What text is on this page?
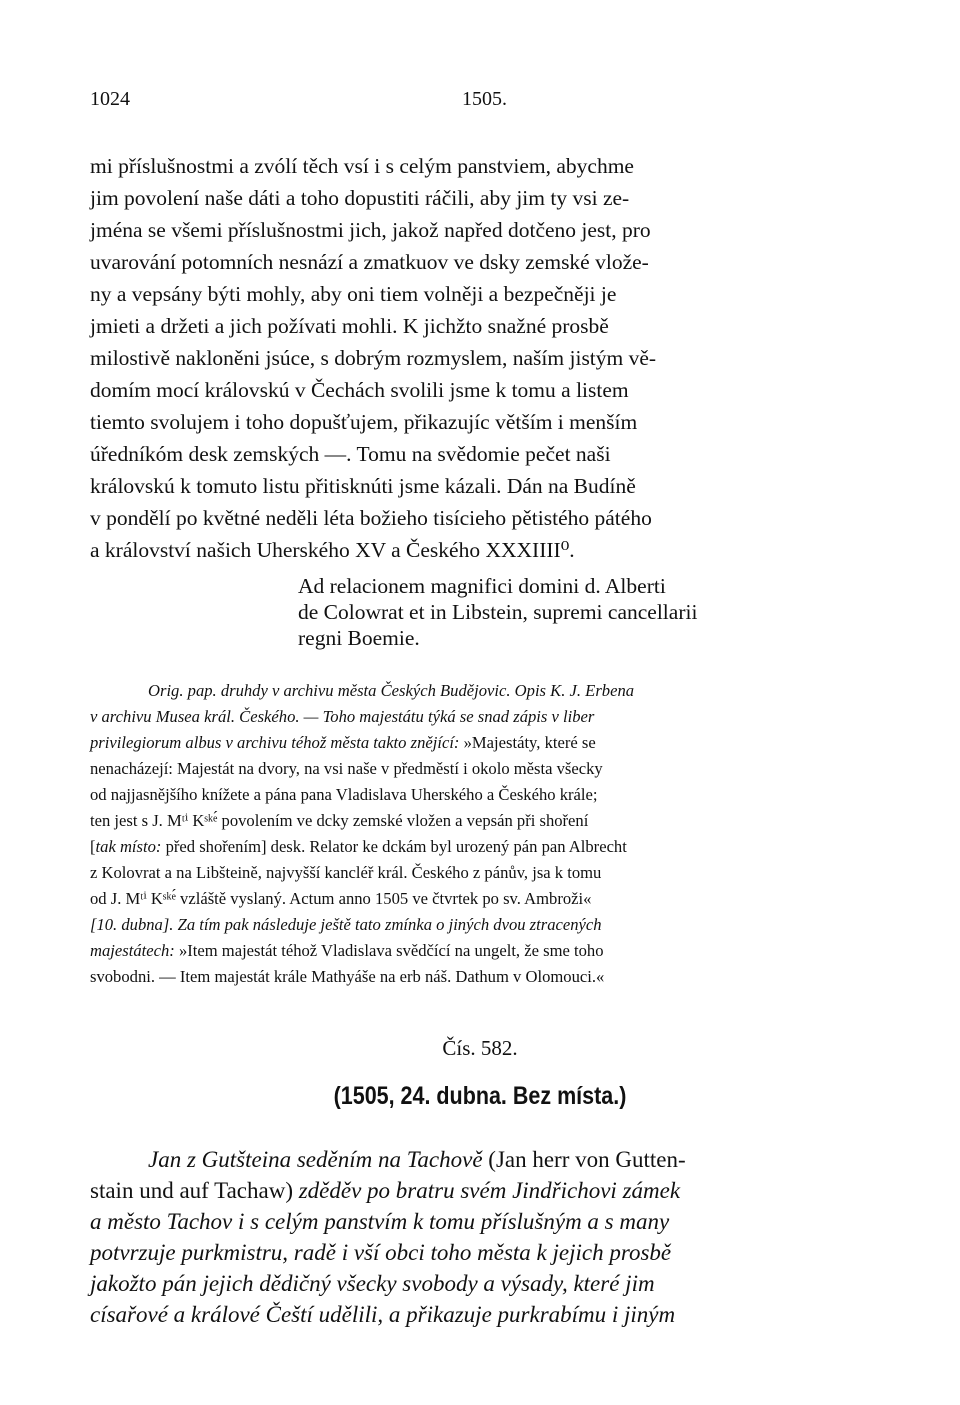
1024	1505.
mi příslušnostmi a zvólí těch vsí i s celým panstviem, abychme
jim povolení naše dáti a toho dopustiti ráčili, aby jim ty vsi ze-
jména se všemi příslušnostmi jich, jakož napřed dotčeno jest, pro
uvarování potomních nesnází a zmatkuov ve dsky zemské vlože-
ny a vepsány býti mohly, aby oni tiem volněji a bezpečněji je
jmieti a držeti a jich požívati mohli. K jichžto snažné prosbě
milostivě nakloněni jsúce, s dobrým rozmyslem, naším jistým vě-
domím mocí královskú v Čechách svolili jsme k tomu a listem
tiemto svolujem i toho dopušťujem, přikazujíc větším i menším
úředníkóm desk zemských —. Tomu na svědomie pečet naši
královskú k tomuto listu přitisknúti jsme kázali. Dán na Budíně
v pondělí po květné neděli léta božieho tisícieho pětistého pátého
a království našich Uherského XV a Českého XXXIIII⁰.
Ad relacionem magnifici domini d. Alberti
de Colowrat et in Libstein, supremi cancellarii
regni Boemie.
Orig. pap. druhdy v archivu města Českých Budějovic. Opis K. J. Erbena
v archivu Musea král. Českého. — Toho majestátu týká se snad zápis v liber
privilegiorum albus v archivu téhož města takto znějící: »Majestáty, které se
nenacházejí: Majestát na dvory, na vsi naše v předměstí i okolo města všecky
od najjasnějšího knížete a pána pana Vladislava Uherského a Českého krále;
ten jest s J. Mᵗⁱ Kˢᵏᵉ́ povolením ve dcky zemské vložen a vepsán při shoření
[tak místo: před shořením] desk. Relator ke dckám byl urozený pán pan Albrecht
z Kolovrat a na Libšteině, najvyšší kancléř král. Českého z pánův, jsa k tomu
od J. Mᵗⁱ Kˢᵏᵉ́ vzláště vyslaný. Actum anno 1505 ve čtvrtek po sv. Ambroži«
[10. dubna]. Za tím pak následuje ještě tato zmínka o jiných dvou ztracených
majestátech: »Item majestát téhož Vladislava svědčící na ungelt, že sme toho
svobodni. — Item majestát krále Mathyáše na erb náš. Dathum v Olomouci.«
Čís. 582.
(1505, 24. dubna. Bez místa.)
Jan z Gutšteina seděním na Tachově (Jan herr von Gutten-
stain und auf Tachaw) zděděv po bratru svém Jindřichovi zámek
a město Tachov i s celým panstvím k tomu příslušným a s many
potvrzuje purkmistru, radě i vší obci toho města k jejich prosbě
jakožto pán jejich dědičný všecky svobody a výsady, které jim
císařové a králové Čeští udělili, a přikazuje purkrabímu i jiným
